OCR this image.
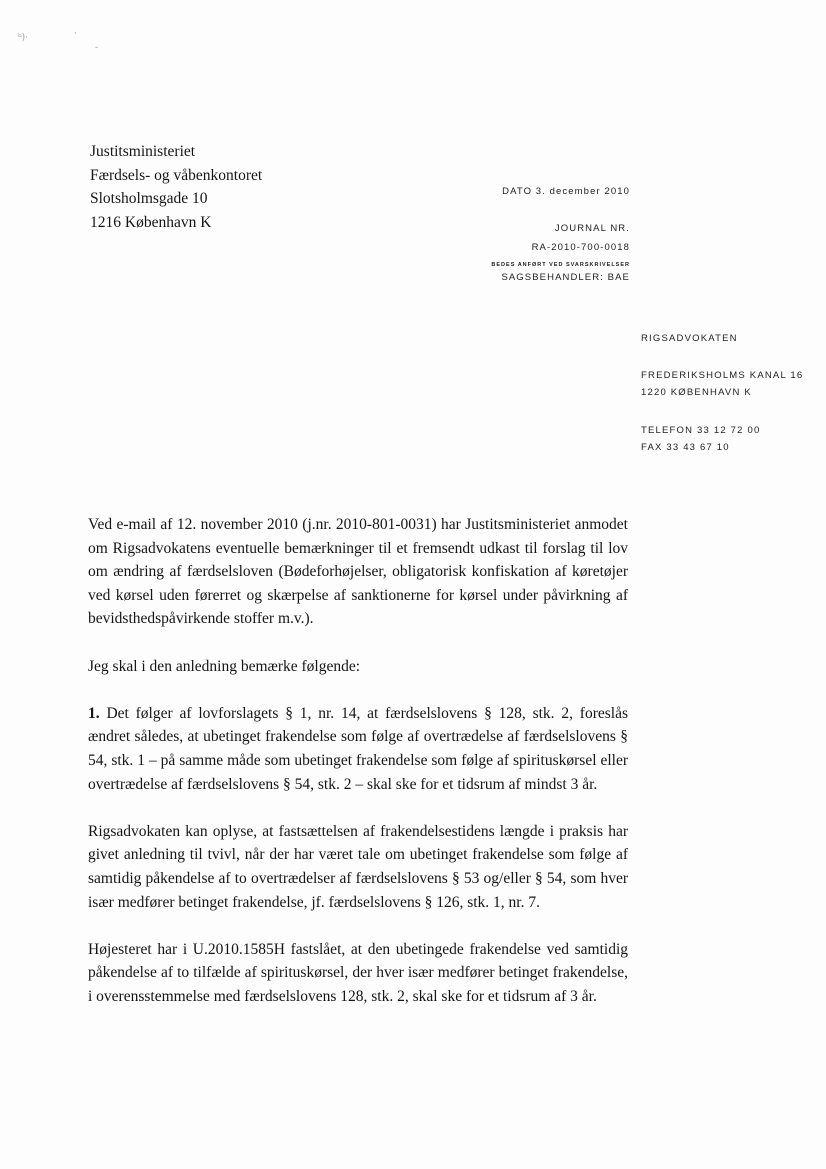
ᵇ)·	·
-
Justitsministeriet
Færdsels- og våbenkontoret
Slotsholmsgade 10
1216 København K
DATO 3. december 2010
JOURNAL NR.
RA-2010-700-0018
BEDES ANFØRT VED SVARSKRIVELSER
SAGSBEHANDLER: BAE
RIGSADVOKATEN
FREDERIKSHOLMS KANAL 16
1220 KØBENHAVN K
TELEFON 33 12 72 00
FAX 33 43 67 10

Ved e-mail af 12. november 2010 (j.nr. 2010-801-0031) har Justitsministeriet anmodet om Rigsadvokatens eventuelle bemærkninger til et fremsendt udkast til forslag til lov om ændring af færdselsloven (Bødeforhøjelser, obligatorisk konfiskation af køretøjer ved kørsel uden førerret og skærpelse af sanktionerne for kørsel under påvirkning af bevidsthedspåvirkende stoffer m.v.).

Jeg skal i den anledning bemærke følgende:

1. Det følger af lovforslagets § 1, nr. 14, at færdselslovens § 128, stk. 2, foreslås ændret således, at ubetinget frakendelse som følge af overtrædelse af færdselslovens § 54, stk. 1 – på samme måde som ubetinget frakendelse som følge af spirituskørsel eller overtrædelse af færdselslovens § 54, stk. 2 – skal ske for et tidsrum af mindst 3 år.

Rigsadvokaten kan oplyse, at fastsættelsen af frakendelsestidens længde i praksis har givet anledning til tvivl, når der har været tale om ubetinget frakendelse som følge af samtidig påkendelse af to overtrædelser af færdselslovens § 53 og/eller § 54, som hver især medfører betinget frakendelse, jf. færdselslovens § 126, stk. 1, nr. 7.

Højesteret har i U.2010.1585H fastslået, at den ubetingede frakendelse ved samtidig påkendelse af to tilfælde af spirituskørsel, der hver især medfører betinget frakendelse, i overensstemmelse med færdselslovens 128, stk. 2, skal ske for et tidsrum af 3 år.
